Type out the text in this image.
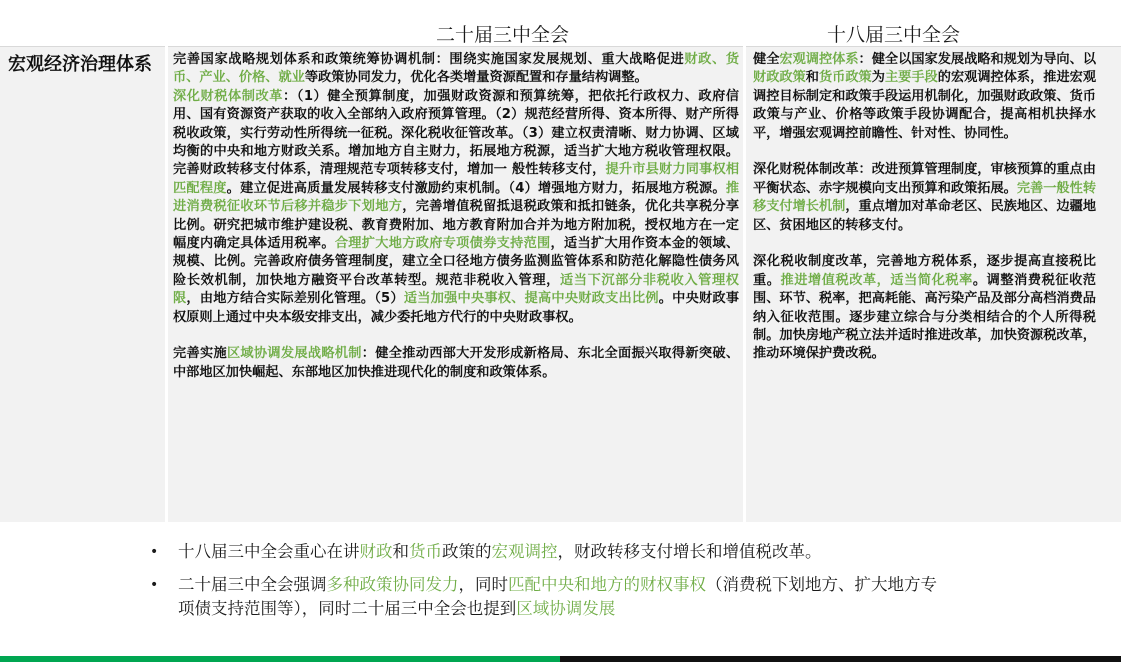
二十届三中全会	十八届三中全会
宏观经济治理体系	完善国家战略规划体系和政策统筹协调机制：围绕实施国家发展规划、重大战略促进财政、货币、产业、价格、就业等政策协同发力，优化各类增量资源配置和存量结构调整。

深化财税体制改革：（1）健全预算制度，加强财政资源和预算统筹，把依托行政权力、政府信用、国有资源资产获取的收入全部纳入政府预算管理。（2）规范经营所得、资本所得、财产所得税收政策，实行劳动性所得统一征税。深化税收征管改革。（3）建立权责清晰、财力协调、区域均衡的中央和地方财政关系。增加地方自主财力，拓展地方税源，适当扩大地方税收管理权限。完善财政转移支付体系，清理规范专项转移支付，增加一 般性转移支付，提升市县财力同事权相匹配程度。建立促进高质量发展转移支付激励约束机制。（4）增强地方财力，拓展地方税源。推进消费税征收环节后移并稳步下划地方，完善增值税留抵退税政策和抵扣链条，优化共享税分享比例。研究把城市维护建设税、教育费附加、地方教育附加合并为地方附加税，授权地方在一定幅度内确定具体适用税率。合理扩大地方政府专项债券支持范围，适当扩大用作资本金的领域、规模、比例。完善政府债务管理制度，建立全口径地方债务监测监管体系和防范化解隐性债务风险长效机制，加快地方融资平台改革转型。规范非税收入管理，适当下沉部分非税收入管理权限，由地方结合实际差别化管理。（5）适当加强中央事权、提高中央财政支出比例。中央财政事权原则上通过中央本级安排支出，减少委托地方代行的中央财政事权。

完善实施区域协调发展战略机制：健全推动西部大开发形成新格局、东北全面振兴取得新突破、中部地区加快崛起、东部地区加快推进现代化的制度和政策体系。

健全宏观调控体系：健全以国家发展战略和规划为导向、以财政政策和货币政策为主要手段的宏观调控体系，推进宏观调控目标制定和政策手段运用机制化，加强财政政策、货币政策与产业、价格等政策手段协调配合，提高相机抉择水平，增强宏观调控前瞻性、针对性、协同性。

深化财税体制改革：改进预算管理制度，审核预算的重点由平衡状态、赤字规模向支出预算和政策拓展。完善一般性转移支付增长机制，重点增加对革命老区、民族地区、边疆地区、贫困地区的转移支付。

深化税收制度改革，完善地方税体系，逐步提高直接税比重。推进增值税改革，适当简化税率。调整消费税征收范围、环节、税率，把高耗能、高污染产品及部分高档消费品纳入征收范围。逐步建立综合与分类相结合的个人所得税制。加快房地产税立法并适时推进改革，加快资源税改革，推动环境保护费改税。

• 十八届三中全会重心在讲财政和货币政策的宏观调控，财政转移支付增长和增值税改革。
• 二十届三中全会强调多种政策协同发力，同时匹配中央和地方的财权事权（消费税下划地方、扩大地方专项债支持范围等），同时二十届三中全会也提到区域协调发展
